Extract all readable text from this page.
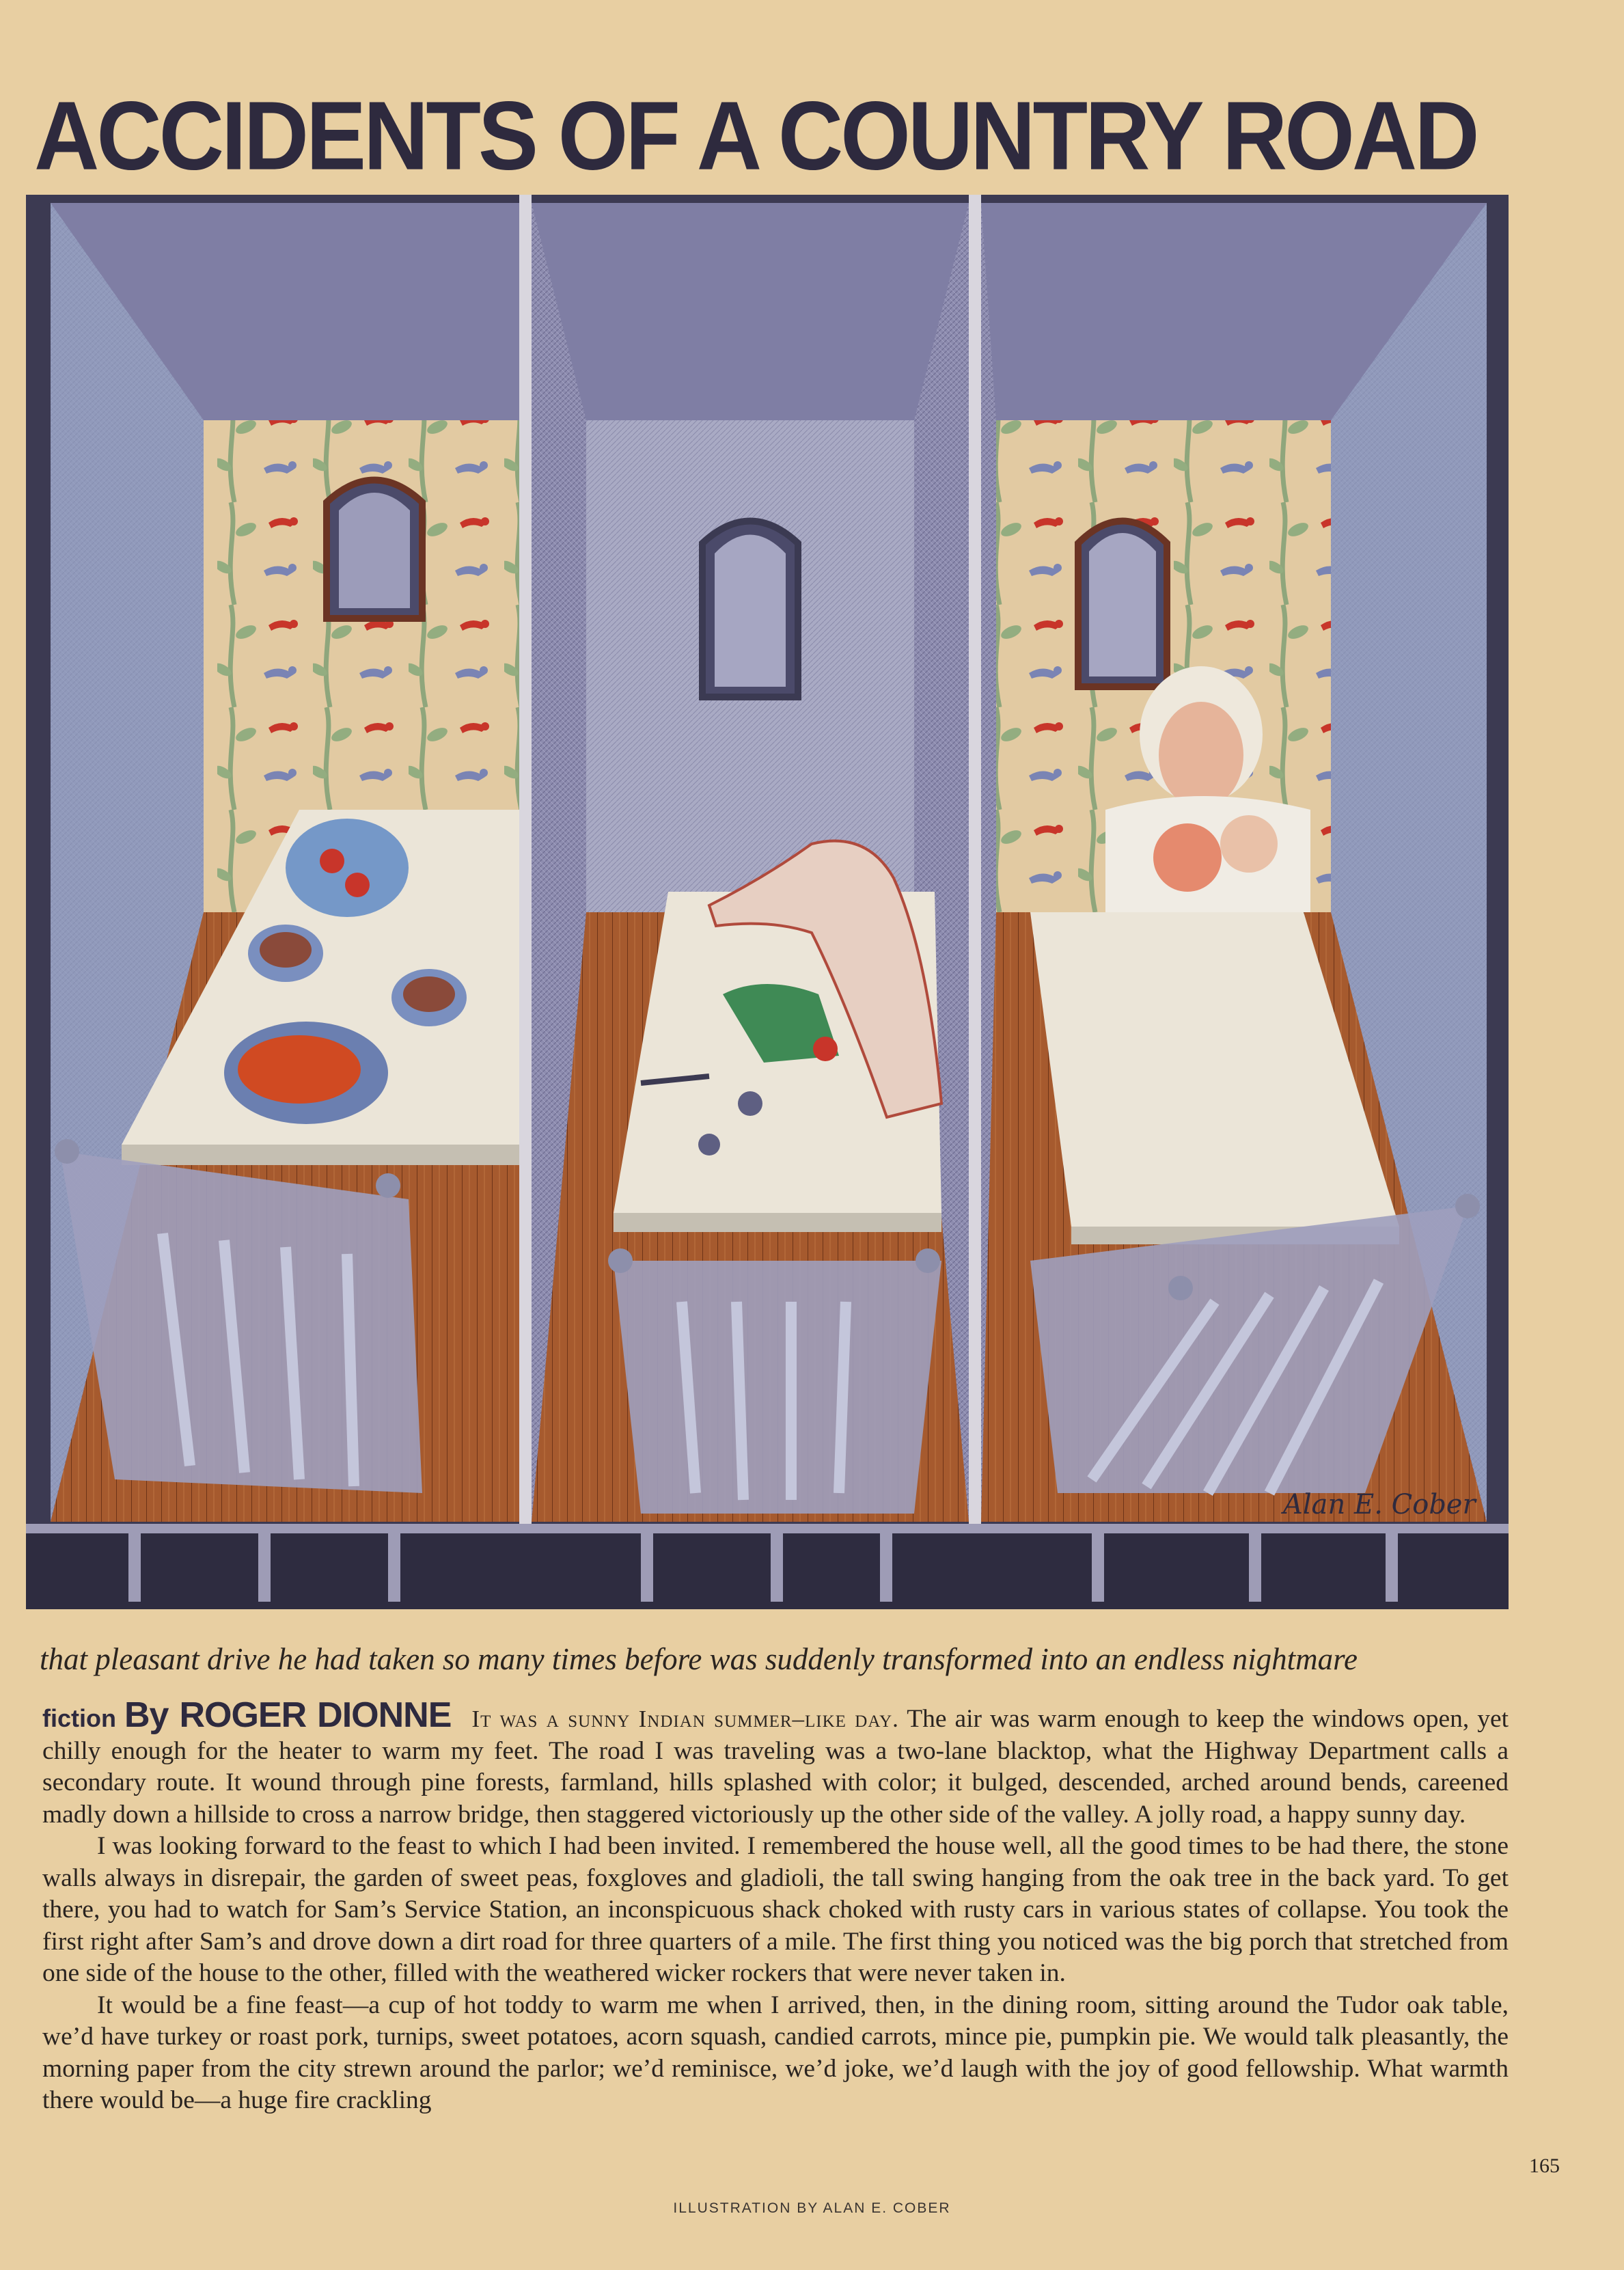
ACCIDENTS OF A COUNTRY ROAD
Alan E. Cober
that pleasant drive he had taken so many times before was suddenly transformed into an endless nightmare

fiction By ROGER DIONNE It was a sunny Indian summer–like day. The air was warm enough to keep the windows open, yet chilly enough for the heater to warm my feet. The road I was traveling was a two-lane blacktop, what the Highway Department calls a secondary route. It wound through pine forests, farmland, hills splashed with color; it bulged, descended, arched around bends, careened madly down a hillside to cross a narrow bridge, then staggered victoriously up the other side of the valley. A jolly road, a happy sunny day.

I was looking forward to the feast to which I had been invited. I remembered the house well, all the good times to be had there, the stone walls always in disrepair, the garden of sweet peas, foxgloves and gladioli, the tall swing hanging from the oak tree in the back yard. To get there, you had to watch for Sam’s Service Station, an inconspicuous shack choked with rusty cars in various states of collapse. You took the first right after Sam’s and drove down a dirt road for three quarters of a mile. The first thing you noticed was the big porch that stretched from one side of the house to the other, filled with the weathered wicker rockers that were never taken in.

It would be a fine feast—a cup of hot toddy to warm me when I arrived, then, in the dining room, sitting around the Tudor oak table, we’d have turkey or roast pork, turnips, sweet potatoes, acorn squash, candied carrots, mince pie, pumpkin pie. We would talk pleasantly, the morning paper from the city strewn around the parlor; we’d reminisce, we’d joke, we’d laugh with the joy of good fellowship. What warmth there would be—a huge fire crackling

165
ILLUSTRATION BY ALAN E. COBER
